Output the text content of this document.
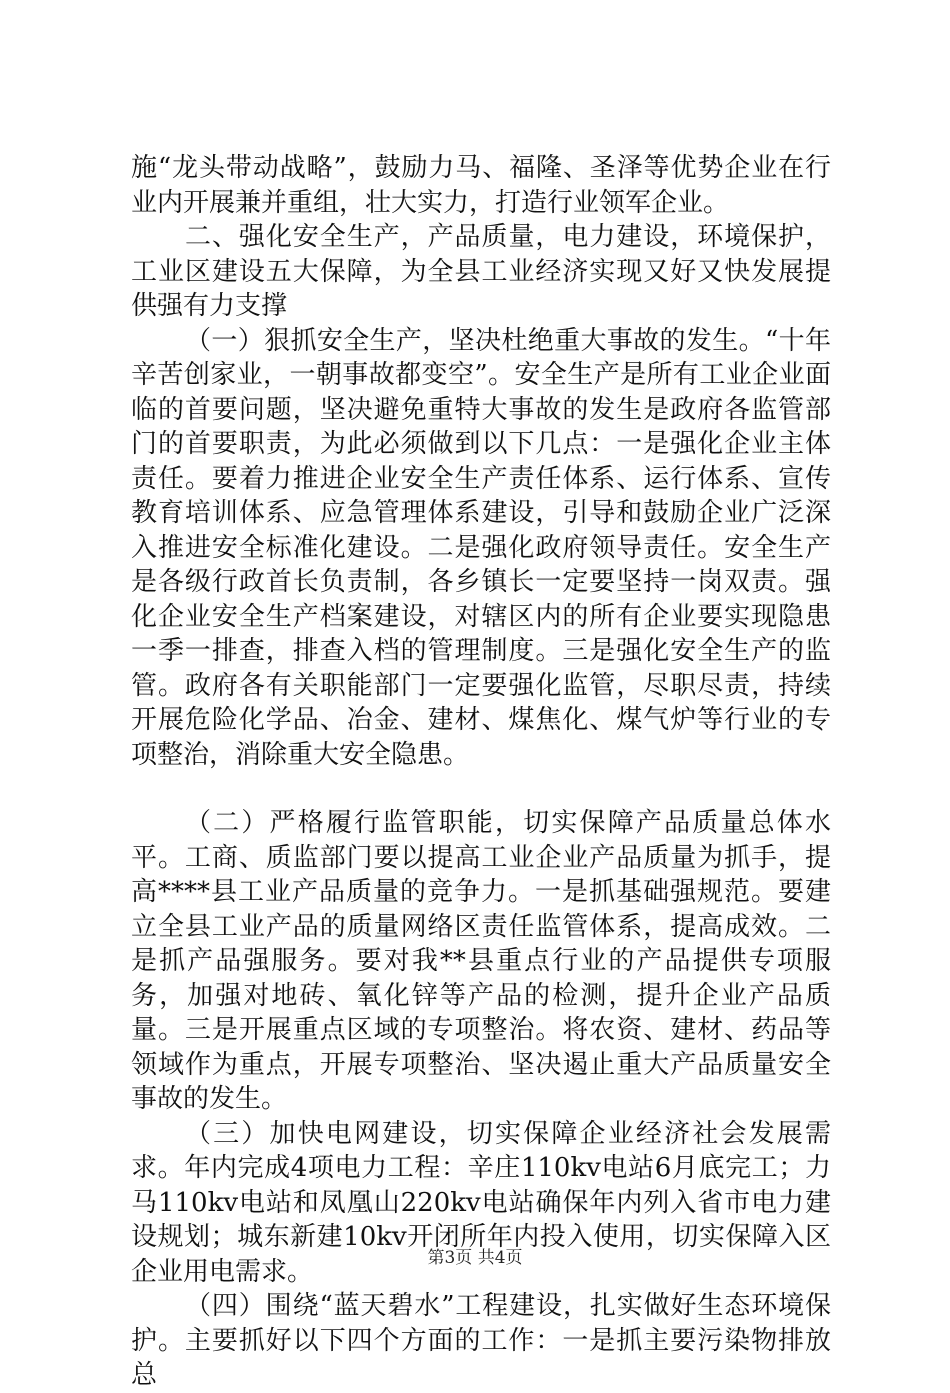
施“龙头带动战略”，鼓励力马、福隆、圣泽等优势企业在行业内开展兼并重组，壮大实力，打造行业领军企业。

二、强化安全生产，产品质量，电力建设，环境保护，工业区建设五大保障，为全县工业经济实现又好又快发展提供强有力支撑

（一）狠抓安全生产，坚决杜绝重大事故的发生。“十年辛苦创家业，一朝事故都变空”。安全生产是所有工业企业面临的首要问题，坚决避免重特大事故的发生是政府各监管部门的首要职责，为此必须做到以下几点：一是强化企业主体责任。要着力推进企业安全生产责任体系、运行体系、宣传教育培训体系、应急管理体系建设，引导和鼓励企业广泛深入推进安全标准化建设。二是强化政府领导责任。安全生产是各级行政首长负责制，各乡镇长一定要坚持一岗双责。强化企业安全生产档案建设，对辖区内的所有企业要实现隐患一季一排查，排查入档的管理制度。三是强化安全生产的监管。政府各有关职能部门一定要强化监管，尽职尽责，持续开展危险化学品、冶金、建材、煤焦化、煤气炉等行业的专项整治，消除重大安全隐患。

（二）严格履行监管职能，切实保障产品质量总体水平。工商、质监部门要以提高工业企业产品质量为抓手，提高****县工业产品质量的竞争力。一是抓基础强规范。要建立全县工业产品的质量网络区责任监管体系，提高成效。二是抓产品强服务。要对我**县重点行业的产品提供专项服务，加强对地砖、氧化锌等产品的检测，提升企业产品质量。三是开展重点区域的专项整治。将农资、建材、药品等领域作为重点，开展专项整治、坚决遏止重大产品质量安全事故的发生。

（三）加快电网建设，切实保障企业经济社会发展需求。年内完成4项电力工程：辛庄110kv电站6月底完工；力马110kv电站和凤凰山220kv电站确保年内列入省市电力建设规划；城东新建10kv开闭所年内投入使用，切实保障入区企业用电需求。

（四）围绕“蓝天碧水”工程建设，扎实做好生态环境保护。主要抓好以下四个方面的工作：一是抓主要污染物排放总

第3页 共4页
